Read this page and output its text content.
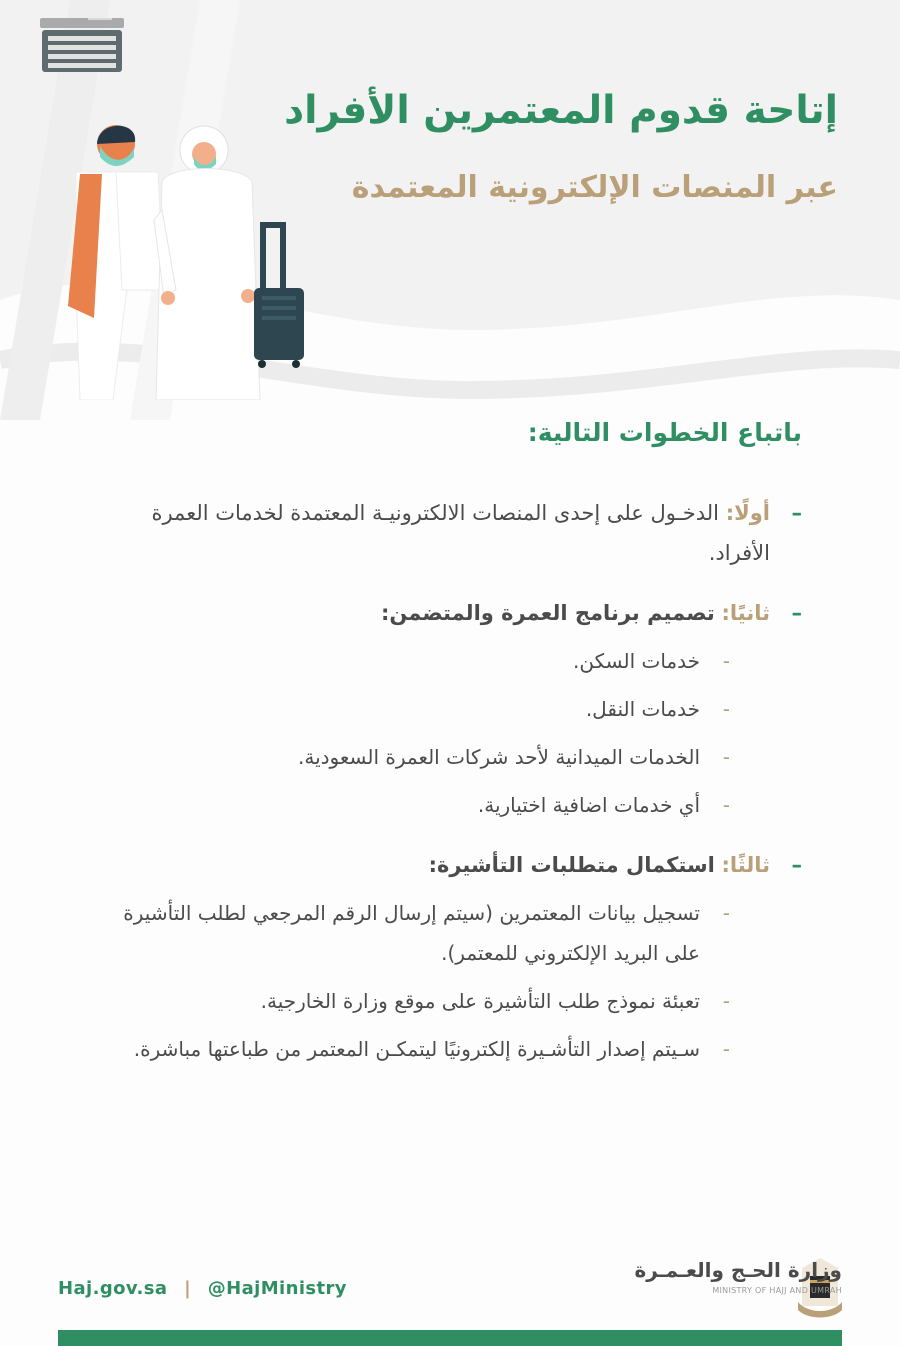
إتاحة قدوم المعتمرين الأفراد
عبر المنصات الإلكترونية المعتمدة
باتباع الخطوات التالية:
–
أولًا: الدخـول على إحدى المنصات الالكترونيـة المعتمدة لخدمات العمرة الأفراد.
–
ثانيًا: تصميم برنامج العمرة والمتضمن:
-
خدمات السكن.
-
خدمات النقل.
-
الخدمات الميدانية لأحد شركات العمرة السعودية.
-
أي خدمات اضافية اختيارية.
–
ثالثًا: استكمال متطلبات التأشيرة:
-
تسجيل بيانات المعتمرين (سيتم إرسال الرقم المرجعي لطلب التأشيرة على البريد الإلكتروني للمعتمر).
-
تعبئة نموذج طلب التأشيرة على موقع وزارة الخارجية.
-
سـيتم إصدار التأشـيرة إلكترونيًا ليتمكـن المعتمر من طباعتها مباشرة.
Haj.gov.sa | @HajMinistry
وزارة الحـج والعـمـرة
MINISTRY OF HAJJ AND UMRAH
